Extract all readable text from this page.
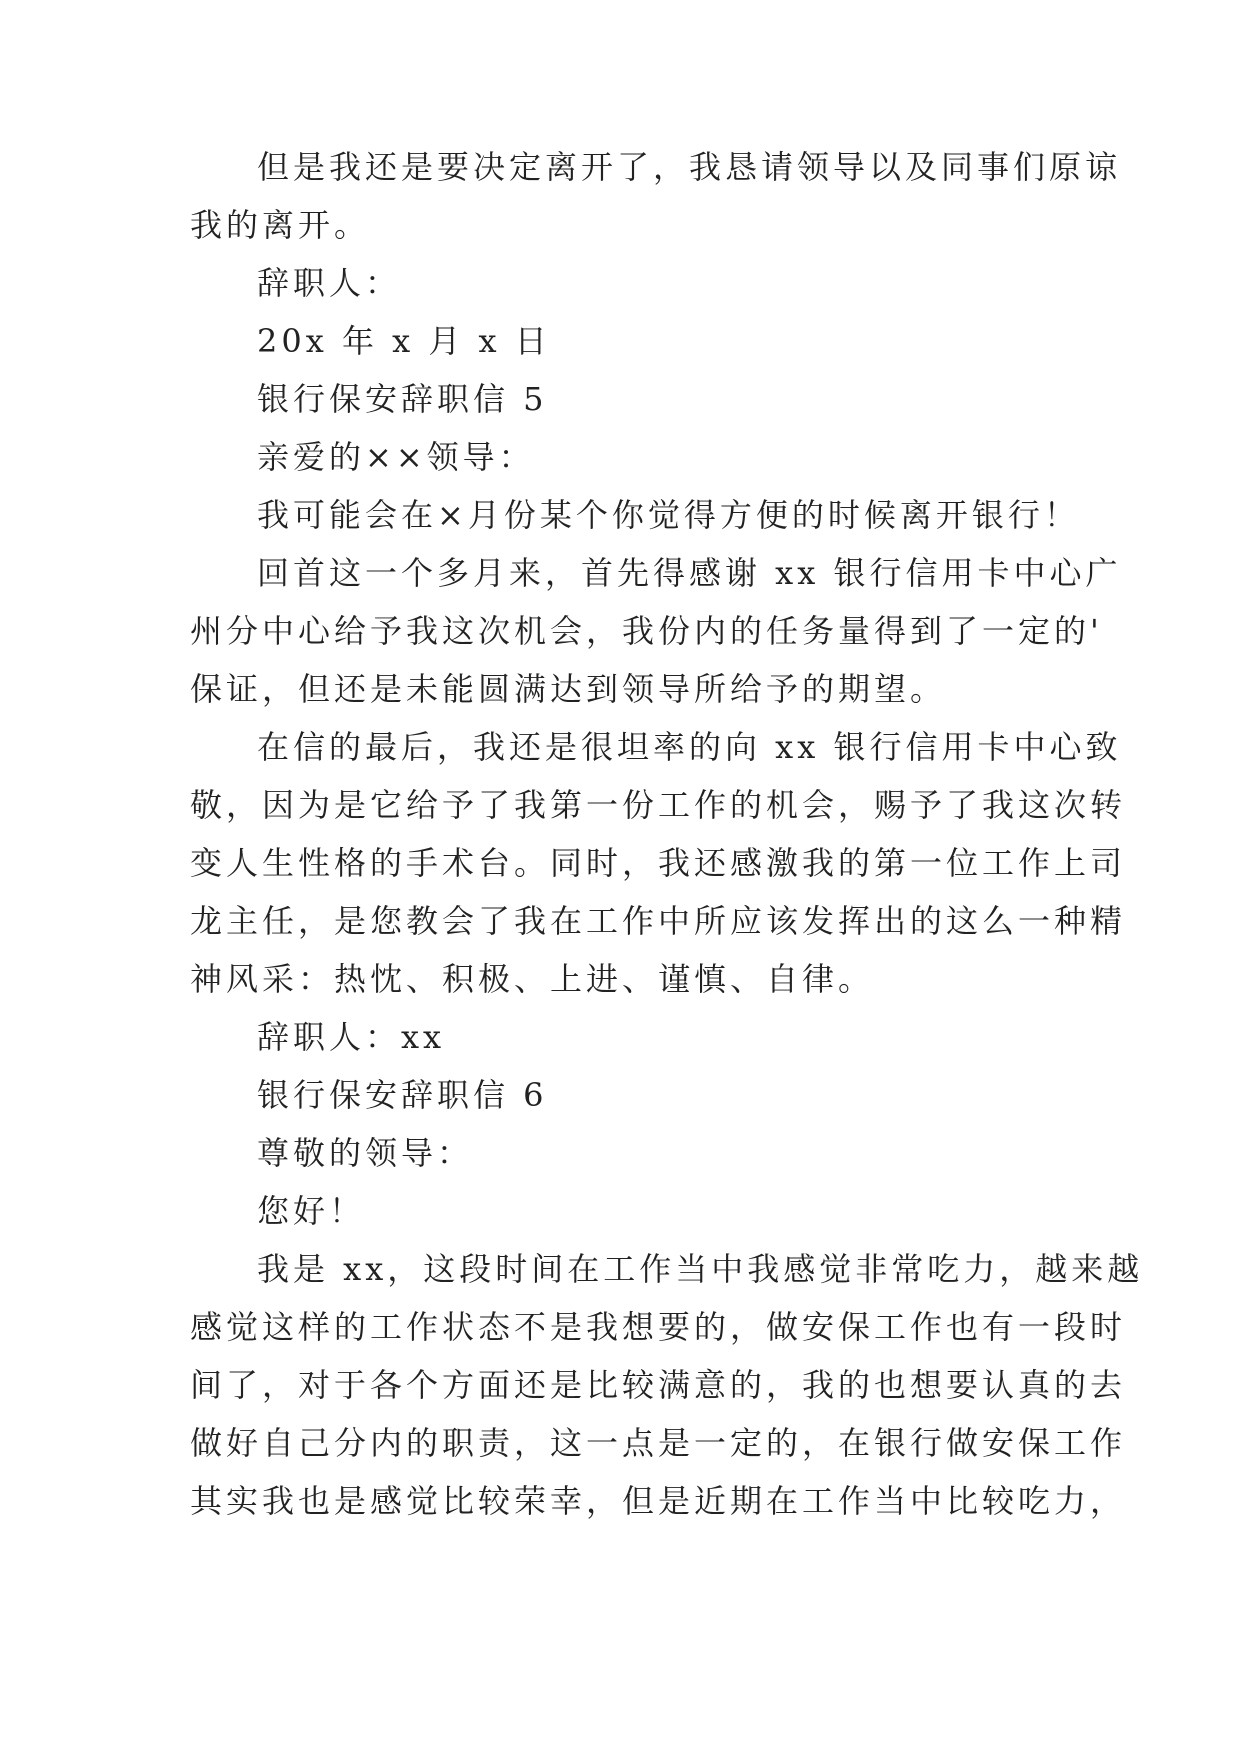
但是我还是要决定离开了，我恳请领导以及同事们原谅
我的离开。
辞职人：
20x 年 x 月 x 日
银行保安辞职信 5
亲爱的××领导：
我可能会在×月份某个你觉得方便的时候离开银行！
回首这一个多月来，首先得感谢 xx 银行信用卡中心广
州分中心给予我这次机会，我份内的任务量得到了一定的'
保证，但还是未能圆满达到领导所给予的期望。
在信的最后，我还是很坦率的向 xx 银行信用卡中心致
敬，因为是它给予了我第一份工作的机会，赐予了我这次转
变人生性格的手术台。同时，我还感激我的第一位工作上司
龙主任，是您教会了我在工作中所应该发挥出的这么一种精
神风采：热忱、积极、上进、谨慎、自律。
辞职人：xx
银行保安辞职信 6
尊敬的领导：
您好！
我是 xx，这段时间在工作当中我感觉非常吃力，越来越
感觉这样的工作状态不是我想要的，做安保工作也有一段时
间了，对于各个方面还是比较满意的，我的也想要认真的去
做好自己分内的职责，这一点是一定的，在银行做安保工作
其实我也是感觉比较荣幸，但是近期在工作当中比较吃力，
